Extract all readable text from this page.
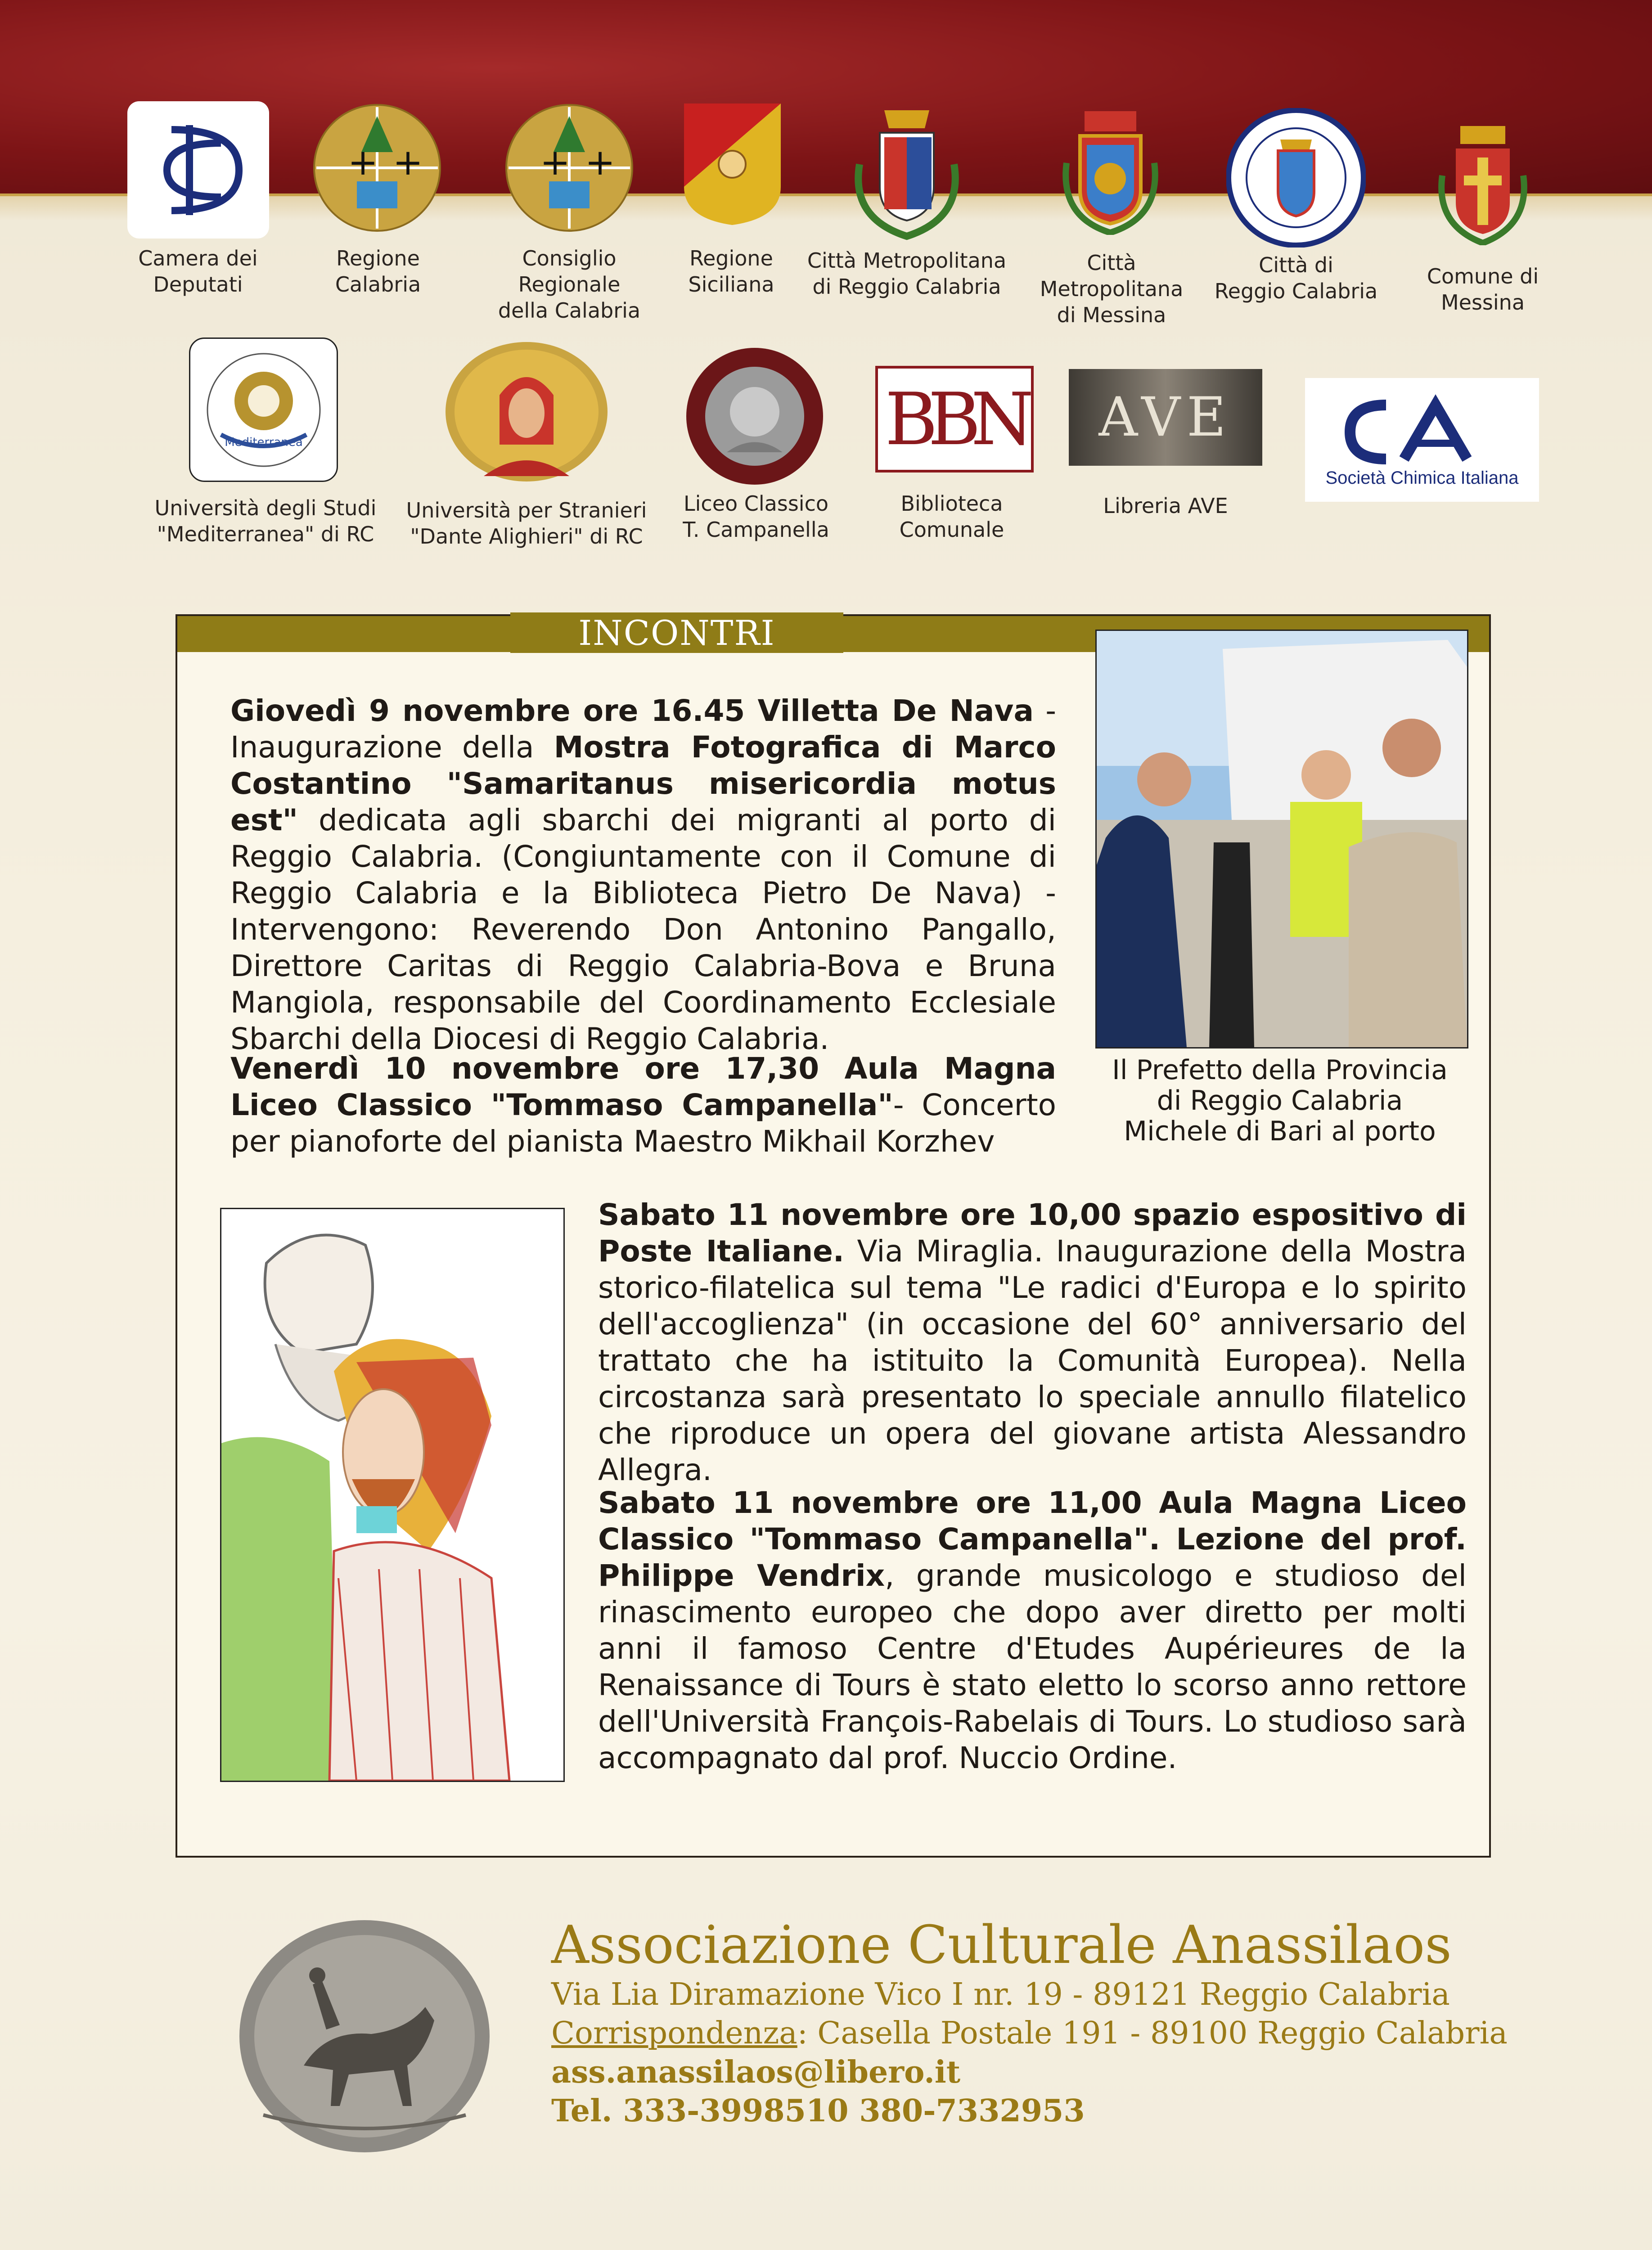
Camera dei
Deputati
+ +
Regione
Calabria
+ +
Consiglio Regionale
della Calabria
Regione
Siciliana
Città Metropolitana
di Reggio Calabria
Città
Metropolitana
di Messina
Città di
Reggio Calabria
Comune di
Messina
Mediterranea
Università degli Studi
"Mediterranea" di RC
Università per Stranieri
"Dante Alighieri" di RC
Liceo Classico
T. Campanella
BBN
Biblioteca
Comunale
AVE
Libreria AVE
Società Chimica Italiana
INCONTRI
Giovedì 9 novembre ore 16.45 Villetta De Nava - Inaugurazione della Mostra Fotografica di Marco Costantino "Samaritanus misericordia motus est" dedicata agli sbarchi dei migranti al porto di Reggio Calabria. (Congiuntamente con il Comune di Reggio Calabria e la Biblioteca Pietro De Nava) - Intervengono: Reverendo Don Antonino Pangallo, Direttore Caritas di Reggio Calabria-Bova e Bruna Mangiola, responsabile del Coordinamento Ecclesiale Sbarchi della Diocesi di Reggio Calabria.
Il Prefetto della Provincia
di Reggio Calabria
Michele di Bari al porto
Venerdì 10 novembre ore 17,30 Aula Magna Liceo Classico "Tommaso Campanella"- Concerto per pianoforte del pianista Maestro Mikhail Korzhev
Sabato 11 novembre ore 10,00 spazio espositivo di Poste Italiane. Via Miraglia. Inaugurazione della Mostra storico-filatelica sul tema "Le radici d'Europa e lo spirito dell'accoglienza" (in occasione del 60° anniversario del trattato che ha istituito la Comunità Europea). Nella circostanza sarà presentato lo speciale annullo filatelico che riproduce un opera del giovane artista Alessandro Allegra.
Sabato 11 novembre ore 11,00 Aula Magna Liceo Classico "Tommaso Campanella". Lezione del prof. Philippe Vendrix, grande musicologo e studioso del rinascimento europeo che dopo aver diretto per molti anni il famoso Centre d'Etudes Aupérieures de la Renaissance di Tours è stato eletto lo scorso anno rettore dell'Università François-Rabelais di Tours. Lo studioso sarà accompagnato dal prof. Nuccio Ordine.
Associazione Culturale Anassilaos
Via Lia Diramazione Vico I nr. 19 - 89121 Reggio Calabria
Corrispondenza: Casella Postale 191 - 89100 Reggio Calabria
ass.anassilaos@libero.it
Tel. 333-3998510 380-7332953
